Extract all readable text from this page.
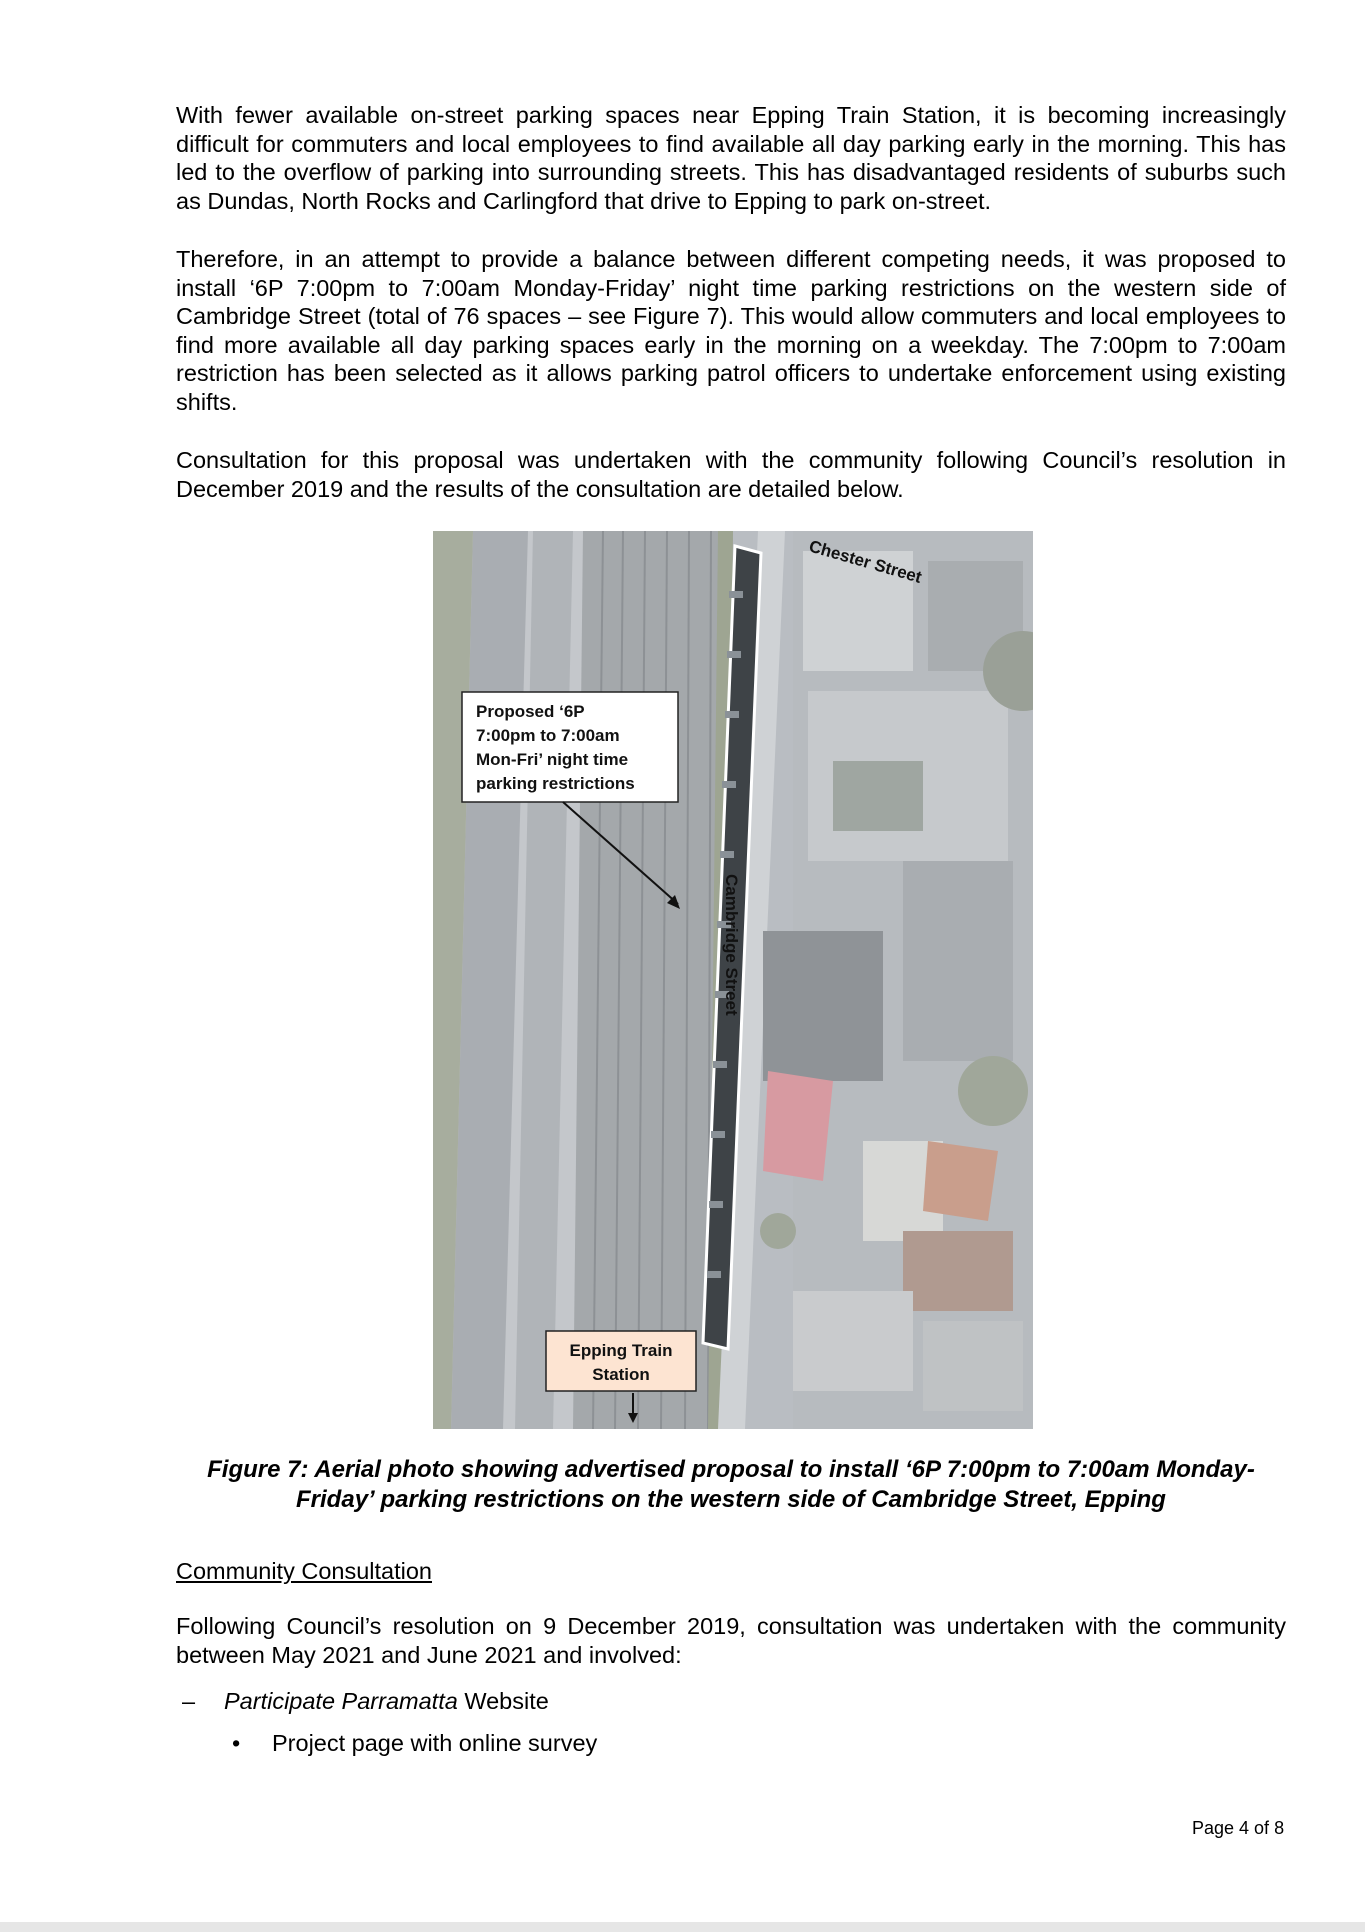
With fewer available on-street parking spaces near Epping Train Station, it is becoming increasingly difficult for commuters and local employees to find available all day parking early in the morning. This has led to the overflow of parking into surrounding streets. This has disadvantaged residents of suburbs such as Dundas, North Rocks and Carlingford that drive to Epping to park on-street.

Therefore, in an attempt to provide a balance between different competing needs, it was proposed to install ‘6P 7:00pm to 7:00am Monday-Friday’ night time parking restrictions on the western side of Cambridge Street (total of 76 spaces – see Figure 7). This would allow commuters and local employees to find more available all day parking spaces early in the morning on a weekday. The 7:00pm to 7:00am restriction has been selected as it allows parking patrol officers to undertake enforcement using existing shifts.

Consultation for this proposal was undertaken with the community following Council’s resolution in December 2019 and the results of the consultation are detailed below.

Chester Street
Cambridge Street
Proposed ‘6P
7:00pm to 7:00am
Mon-Fri’ night time
parking restrictions
Epping Train
Station

Figure 7: Aerial photo showing advertised proposal to install ‘6P 7:00pm to 7:00am Monday-Friday’ parking restrictions on the western side of Cambridge Street, Epping

Community Consultation

Following Council’s resolution on 9 December 2019, consultation was undertaken with the community between May 2021 and June 2021 and involved:

– Participate Parramatta Website
• Project page with online survey
Page 4 of 8
